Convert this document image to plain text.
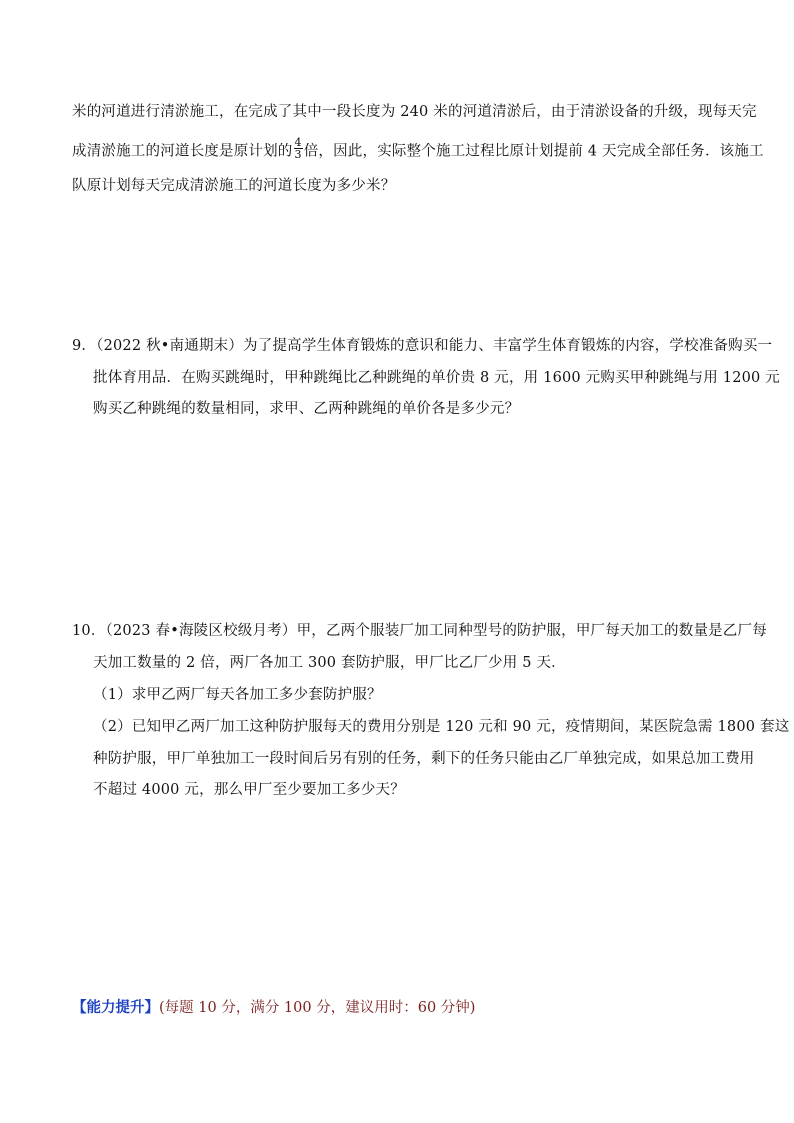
米的河道进行清淤施工，在完成了其中一段长度为 240 米的河道清淤后，由于清淤设备的升级，现每天完
成清淤施工的河道长度是原计划的 $\frac{4}{3}$ 倍，因此，实际整个施工过程比原计划提前 4 天完成全部任务．该施工
队原计划每天完成清淤施工的河道长度为多少米？
9．（2022 秋•南通期末）为了提高学生体育锻炼的意识和能力、丰富学生体育锻炼的内容，学校准备购买一
批体育用品．在购买跳绳时，甲种跳绳比乙种跳绳的单价贵 8 元，用 1600 元购买甲种跳绳与用 1200 元
购买乙种跳绳的数量相同，求甲、乙两种跳绳的单价各是多少元？
10．（2023 春•海陵区校级月考）甲，乙两个服装厂加工同种型号的防护服，甲厂每天加工的数量是乙厂每
天加工数量的 2 倍，两厂各加工 300 套防护服，甲厂比乙厂少用 5 天．
（1）求甲乙两厂每天各加工多少套防护服？
（2）已知甲乙两厂加工这种防护服每天的费用分别是 120 元和 90 元，疫情期间，某医院急需 1800 套这
种防护服，甲厂单独加工一段时间后另有别的任务，剩下的任务只能由乙厂单独完成，如果总加工费用
不超过 4000 元，那么甲厂至少要加工多少天？
【能力提升】(每题 10 分，满分 100 分，建议用时：60 分钟)
